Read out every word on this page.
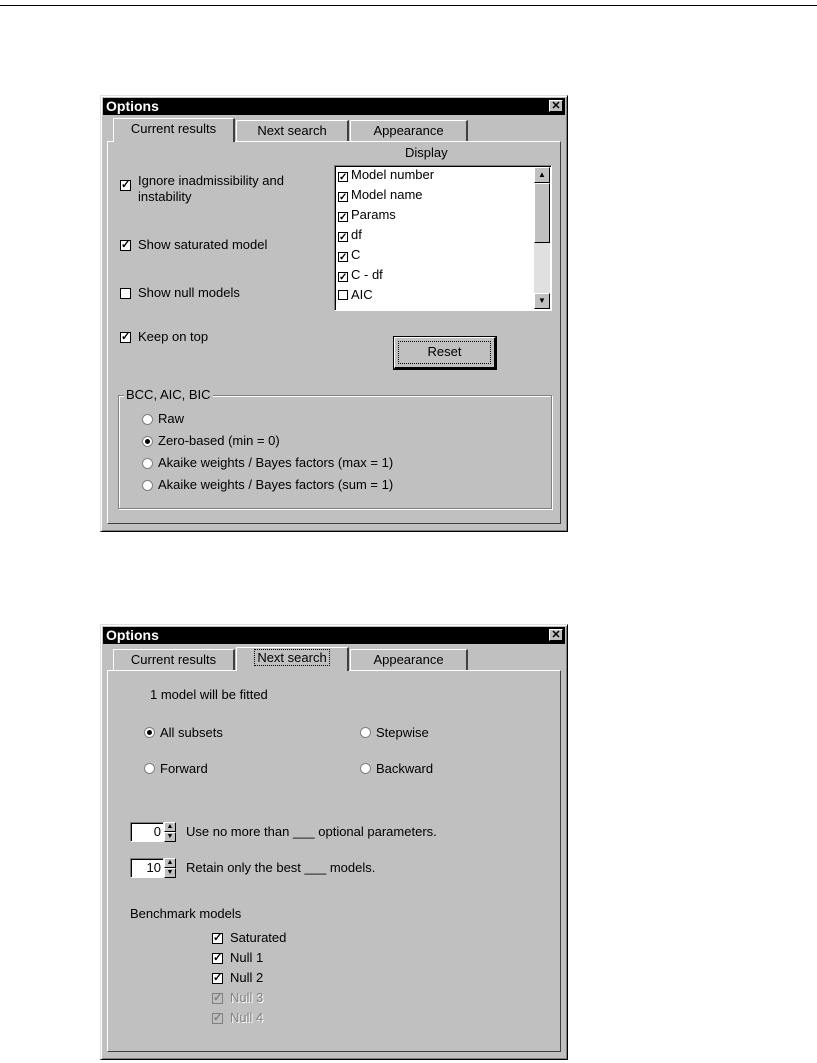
Options	✕
Current results	Next search	Appearance
✓ Ignore inadmissibility and
instability
✓ Show saturated model
Show null models
✓ Keep on top
Display
✓ Model number
✓ Model name
✓ Params
✓ df
✓ C
✓ C - df
AIC
▲
▼
Reset
BCC, AIC, BIC
Raw
Zero-based (min = 0)
Akaike weights / Bayes factors (max = 1)
Akaike weights / Bayes factors (sum = 1)
Options	✕
Current results	Next search	Appearance
1 model will be fitted
All subsets	Stepwise
Forward	Backward
0 ▲
▼ Use no more than ___ optional parameters.
10 ▲
▼ Retain only the best ___ models.
Benchmark models
✓ Saturated
✓ Null 1
✓ Null 2
✓ Null 3
✓ Null 4
